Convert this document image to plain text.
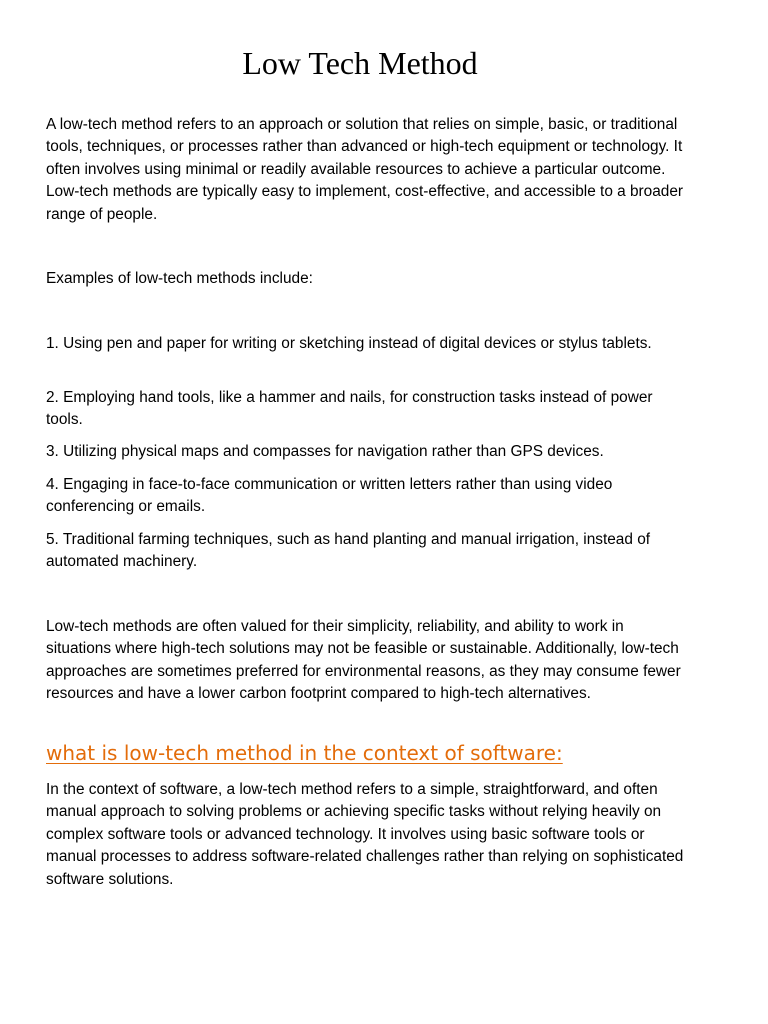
Low Tech Method

A low-tech method refers to an approach or solution that relies on simple, basic, or traditional tools, techniques, or processes rather than advanced or high-tech equipment or technology. It often involves using minimal or readily available resources to achieve a particular outcome. Low-tech methods are typically easy to implement, cost-effective, and accessible to a broader range of people.

Examples of low-tech methods include:

1. Using pen and paper for writing or sketching instead of digital devices or stylus tablets.

2. Employing hand tools, like a hammer and nails, for construction tasks instead of power tools.

3. Utilizing physical maps and compasses for navigation rather than GPS devices.

4. Engaging in face-to-face communication or written letters rather than using video conferencing or emails.

5. Traditional farming techniques, such as hand planting and manual irrigation, instead of automated machinery.

Low-tech methods are often valued for their simplicity, reliability, and ability to work in situations where high-tech solutions may not be feasible or sustainable. Additionally, low-tech approaches are sometimes preferred for environmental reasons, as they may consume fewer resources and have a lower carbon footprint compared to high-tech alternatives.

what is low-tech method in the context of software:

In the context of software, a low-tech method refers to a simple, straightforward, and often manual approach to solving problems or achieving specific tasks without relying heavily on complex software tools or advanced technology. It involves using basic software tools or manual processes to address software-related challenges rather than relying on sophisticated software solutions.
